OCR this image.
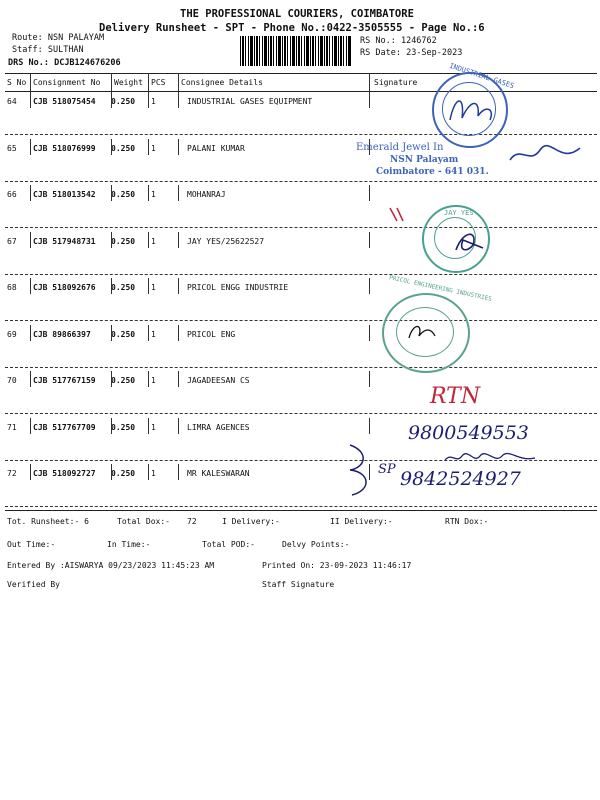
THE PROFESSIONAL COURIERS, COIMBATORE
Delivery Runsheet - SPT - Phone No.:0422-3505555 - Page No.:6
Route: NSN PALAYAM
Staff: SULTHAN
DRS No.: DCJB124676206
RS No.: 1246762
RS Date: 23-Sep-2023
S No Consignment No Weight PCS Consignee Details	Signature
64 CJB 518075454 0.250 1	INDUSTRIAL GASES EQUIPMENT
65 CJB 518076999 0.250 1	PALANI KUMAR
66 CJB 518013542 0.250 1	MOHANRAJ
67 CJB 517948731 0.250 1	JAY YES/25622527
68 CJB 518092676 0.250 1	PRICOL ENGG INDUSTRIE
69 CJB 89866397	0.250 1	PRICOL ENG
70 CJB 517767159 0.250 1	JAGADEESAN CS
71 CJB 517767709 0.250 1	LIMRA AGENCES
72 CJB 518092727 0.250 1	MR KALESWARAN
INDUSTRIAL GASES
Emerald Jewel In
NSN Palayam
Coimbatore - 641 031.
JAY YES
PRICOL ENGINEERING INDUSTRIES
RTN
9800549553
SP 9842524927
Tot. Runsheet:- 6	Total Dox:- 72	I Delivery:-	II Delivery:-	RTN Dox:-
Out Time:-	In Time:-	Total POD:-	Delvy Points:-
Entered By :AISWARYA 09/23/2023 11:45:23 AM	Printed On: 23-09-2023 11:46:17
Verified By	Staff Signature
